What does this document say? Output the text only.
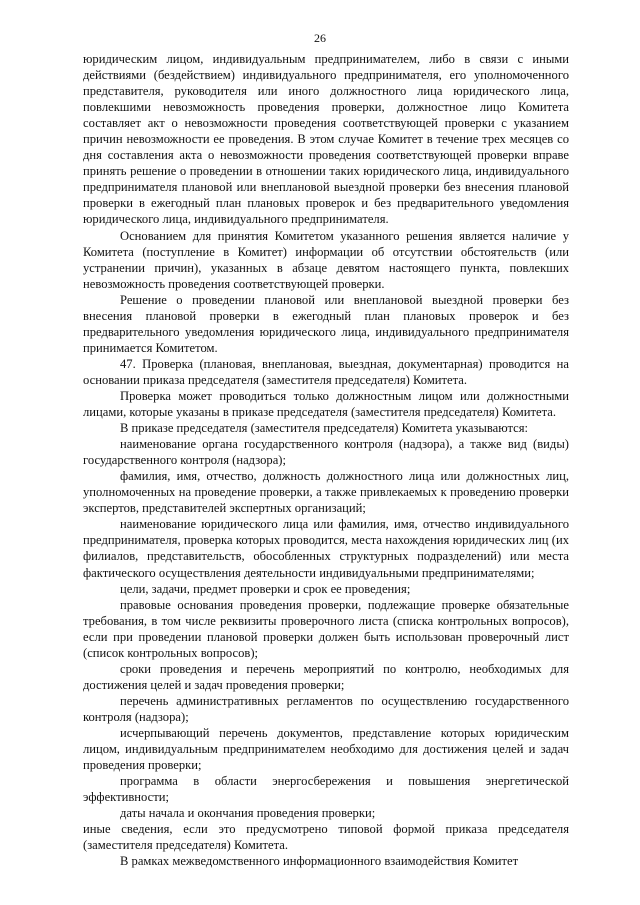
26

юридическим лицом, индивидуальным предпринимателем, либо в связи с иными действиями (бездействием) индивидуального предпринимателя, его уполномоченного представителя, руководителя или иного должностного лица юридического лица, повлекшими невозможность проведения проверки, должностное лицо Комитета составляет акт о невозможности проведения соответствующей проверки с указанием причин невозможности ее проведения. В этом случае Комитет в течение трех месяцев со дня составления акта о невозможности проведения соответствующей проверки вправе принять решение о проведении в отношении таких юридического лица, индивидуального предпринимателя плановой или внеплановой выездной проверки без внесения плановой проверки в ежегодный план плановых проверок и без предварительного уведомления юридического лица, индивидуального предпринимателя.

Основанием для принятия Комитетом указанного решения является наличие у Комитета (поступление в Комитет) информации об отсутствии обстоятельств (или устранении причин), указанных в абзаце девятом настоящего пункта, повлекших невозможность проведения соответствующей проверки.

Решение о проведении плановой или внеплановой выездной проверки без внесения плановой проверки в ежегодный план плановых проверок и без предварительного уведомления юридического лица, индивидуального предпринимателя принимается Комитетом.

47. Проверка (плановая, внеплановая, выездная, документарная) проводится на основании приказа председателя (заместителя председателя) Комитета.

Проверка может проводиться только должностным лицом или должностными лицами, которые указаны в приказе председателя (заместителя председателя) Комитета.

В приказе председателя (заместителя председателя) Комитета указываются:

наименование органа государственного контроля (надзора), а также вид (виды) государственного контроля (надзора);

фамилия, имя, отчество, должность должностного лица или должностных лиц, уполномоченных на проведение проверки, а также привлекаемых к проведению проверки экспертов, представителей экспертных организаций;

наименование юридического лица или фамилия, имя, отчество индивидуального предпринимателя, проверка которых проводится, места нахождения юридических лиц (их филиалов, представительств, обособленных структурных подразделений) или места фактического осуществления деятельности индивидуальными предпринимателями;

цели, задачи, предмет проверки и срок ее проведения;

правовые основания проведения проверки, подлежащие проверке обязательные требования, в том числе реквизиты проверочного листа (списка контрольных вопросов), если при проведении плановой проверки должен быть использован проверочный лист (список контрольных вопросов);

сроки проведения и перечень мероприятий по контролю, необходимых для достижения целей и задач проведения проверки;

перечень административных регламентов по осуществлению государственного контроля (надзора);

исчерпывающий перечень документов, представление которых юридическим лицом, индивидуальным предпринимателем необходимо для достижения целей и задач проведения проверки;

программа в области энергосбережения и повышения энергетической эффективности;

даты начала и окончания проведения проверки;

иные сведения, если это предусмотрено типовой формой приказа председателя (заместителя председателя) Комитета.

В рамках межведомственного информационного взаимодействия Комитет
